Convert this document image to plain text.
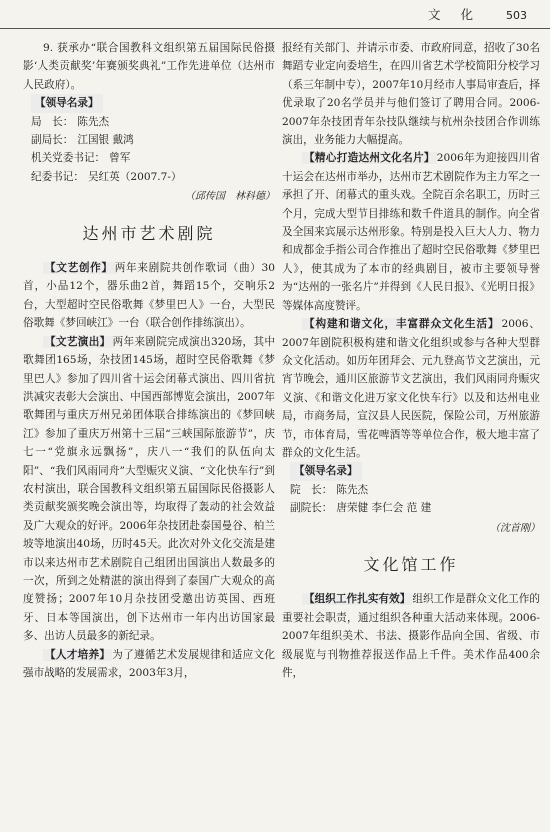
文 化 503

9. 获承办“联合国教科文组织第五届国际民俗摄影‘人类贡献奖’年赛颁奖典礼”工作先进单位（达州市人民政府）。

【领导名录】
局　长： 陈先杰
副局长： 江国银 戴鸿
机关党委书记： 曾军
纪委书记： 吴红英（2007.7-）
（邱传国　林科德）
达州市艺术剧院

【文艺创作】 两年来剧院共创作歌词（曲）30首，小品12个，器乐曲2首，舞蹈15个，交响乐2台，大型超时空民俗歌舞《梦里巴人》一台，大型民俗歌舞《梦回峡江》一台（联合创作排练演出）。

【文艺演出】 两年来剧院完成演出320场，其中歌舞团165场，杂技团145场，超时空民俗歌舞《梦里巴人》参加了四川省十运会闭幕式演出、四川省抗洪减灾表彰大会演出、中国西部博览会演出，2007年歌舞团与重庆万州兄弟团体联合排练演出的《梦回峡江》参加了重庆万州第十三届“三峡国际旅游节”，庆七一“党旗永远飘扬”，庆八一“我们的队伍向太阳”、“我们风雨同舟”大型赈灾义演、“文化快车行”到农村演出，联合国教科文组织第五届国际民俗摄影人类贡献奖颁奖晚会演出等，均取得了轰动的社会效益及广大观众的好评。2006年杂技团赴泰国曼谷、柏兰坡等地演出40场，历时45天。此次对外文化交流是建市以来达州市艺术剧院自己组团出国演出人数最多的一次，所到之处精湛的演出得到了泰国广大观众的高度赞扬；2007年10月杂技团受邀出访英国、西班牙、日本等国演出，创下达州市一年内出访国家最多、出访人员最多的新纪录。

【人才培养】 为了遵循艺术发展规律和适应文化强市战略的发展需求，2003年3月，

报经有关部门、并请示市委、市政府同意，招收了30名舞蹈专业定向委培生，在四川省艺术学校简阳分校学习（系三年制中专），2007年10月经市人事局审查后，择优录取了20名学员并与他们签订了聘用合同。2006-2007年杂技团青年杂技队继续与杭州杂技团合作训练演出，业务能力大幅提高。

【精心打造达州文化名片】 2006年为迎接四川省十运会在达州市举办，达州市艺术剧院作为主力军之一承担了开、闭幕式的重头戏。全院百余名职工，历时三个月，完成大型节目排练和数千件道具的制作。向全省及全国来宾展示达州形象。特别是投入巨大人力、物力和成都金手指公司合作推出了超时空民俗歌舞《梦里巴人》，使其成为了本市的经典剧目，被市主要领导誉为“达州的一张名片”并得到《人民日报》、《光明日报》等媒体高度赞评。

【构建和谐文化，丰富群众文化生活】 2006、2007年剧院积极构建和谐文化组织或参与各种大型群众文化活动。如历年团拜会、元九登高节文艺演出，元宵节晚会，通川区旅游节文艺演出，我们风雨同舟赈灾义演、《和谐文化进万家文化快车行》以及和达州电业局，市商务局，宣汉县人民医院，保险公司，万州旅游节，市体育局，雪花啤酒等等单位合作，极大地丰富了群众的文化生活。

【领导名录】
院　长： 陈先杰
副院长： 唐荣健 李仁会 范 建
（沈首刚）
文化馆工作

【组织工作扎实有效】 组织工作是群众文化工作的重要社会职责，通过组织各种重大活动来体现。2006-2007年组织美术、书法、摄影作品向全国、省级、市级展览与刊物推荐报送作品上千件。美术作品400余件，
